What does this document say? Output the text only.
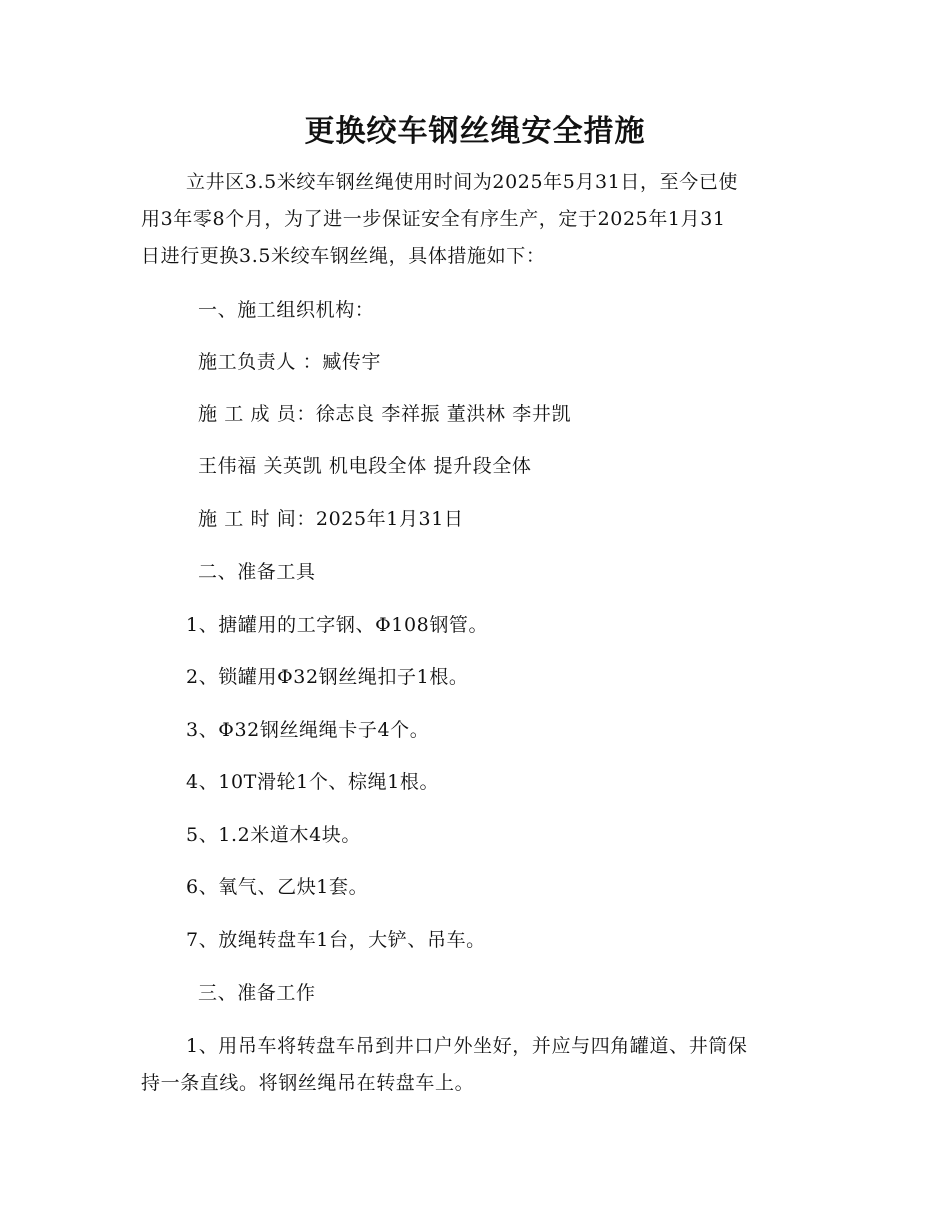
更换绞车钢丝绳安全措施
立井区3.5米绞车钢丝绳使用时间为2025年5月31日，至今已使
用3年零8个月，为了进一步保证安全有序生产，定于2025年1月31
日进行更换3.5米绞车钢丝绳，具体措施如下：
一、施工组织机构：
施工负责人 ：臧传宇
施 工 成 员：徐志良 李祥振 董洪林 李井凯
王伟福 关英凯 机电段全体 提升段全体
施 工 时 间：2025年1月31日
二、准备工具
1、搪罐用的工字钢、Φ108钢管。
2、锁罐用Φ32钢丝绳扣子1根。
3、Φ32钢丝绳绳卡子4个。
4、10T滑轮1个、棕绳1根。
5、1.2米道木4块。
6、氧气、乙炔1套。
7、放绳转盘车1台，大铲、吊车。
三、准备工作
1、用吊车将转盘车吊到井口户外坐好，并应与四角罐道、井筒保
持一条直线。将钢丝绳吊在转盘车上。
